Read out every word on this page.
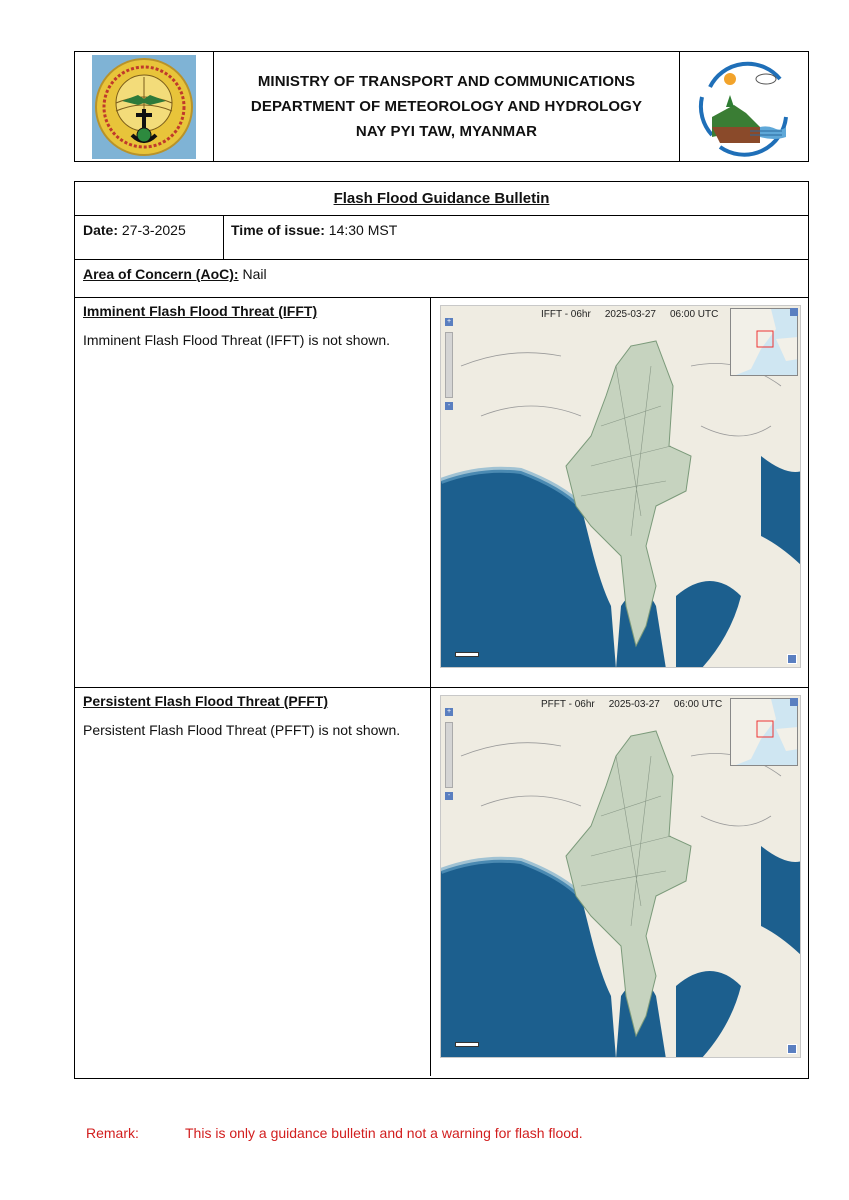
MINISTRY OF TRANSPORT AND COMMUNICATIONS
DEPARTMENT OF METEOROLOGY AND HYDROLOGY
NAY PYI TAW, MYANMAR
Flash Flood Guidance Bulletin
Date: 27-3-2025	Time of issue: 14:30 MST
Area of Concern (AoC): Nail
Imminent Flash Flood Threat (IFFT)
Imminent Flash Flood Threat (IFFT) is not shown.
+
-
IFFT - 06hr 2025-03-27 06:00 UTC
Persistent Flash Flood Threat (PFFT)
Persistent Flash Flood Threat (PFFT) is not shown.
+
-
PFFT - 06hr 2025-03-27 06:00 UTC
Remark:	This is only a guidance bulletin and not a warning for flash flood.
